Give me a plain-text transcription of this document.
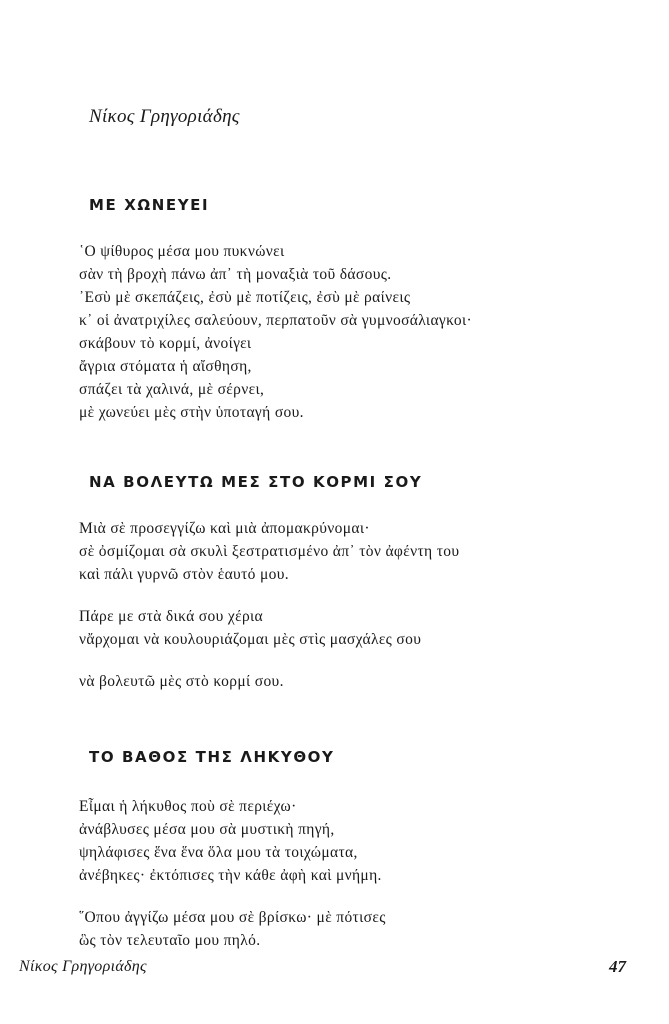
Νίκος Γρηγοριάδης
ΜΕ ΧΩΝΕΥΕΙ
῾Ο ψίθυρος μέσα μου πυκνώνει
σὰν τὴ βροχὴ πάνω ἀπ᾽ τὴ μοναξιὰ τοῦ δάσους.
᾽Εσὺ μὲ σκεπάζεις, ἐσὺ μὲ ποτίζεις, ἐσὺ μὲ ραίνεις
κ᾽ οἱ ἀνατριχίλες σαλεύουν, περπατοῦν σὰ γυμνοσάλιαγκοι·
σκάβουν τὸ κορμί, ἀνοίγει
ἄγρια στόματα ἡ αἴσθηση,
σπάζει τὰ χαλινά, μὲ σέρνει,
μὲ χωνεύει μὲς στὴν ὑποταγή σου.
ΝΑ ΒΟΛΕΥΤΩ ΜΕΣ ΣΤΟ ΚΟΡΜΙ ΣΟΥ
Μιὰ σὲ προσεγγίζω καὶ μιὰ ἀπομακρύνομαι·
σὲ ὀσμίζομαι σὰ σκυλὶ ξεστρατισμένο ἀπ᾽ τὸν ἀφέντη του
καὶ πάλι γυρνῶ στὸν ἑαυτό μου.
Πάρε με στὰ δικά σου χέρια
νἄρχομαι νὰ κουλουριάζομαι μὲς στὶς μασχάλες σου
νὰ βολευτῶ μὲς στὸ κορμί σου.
ΤΟ ΒΑΘΟΣ ΤΗΣ ΛΗΚΥΘΟΥ
Εἶμαι ἡ λήκυθος ποὺ σὲ περιέχω·
ἀνάβλυσες μέσα μου σὰ μυστικὴ πηγή,
ψηλάφισες ἕνα ἕνα ὅλα μου τὰ τοιχώματα,
ἀνέβηκες· ἐκτόπισες τὴν κάθε ἀφὴ καὶ μνήμη.
῞Οπου ἀγγίζω μέσα μου σὲ βρίσκω· μὲ πότισες
ὣς τὸν τελευταῖο μου πηλό.
Νίκος Γρηγοριάδης	47
